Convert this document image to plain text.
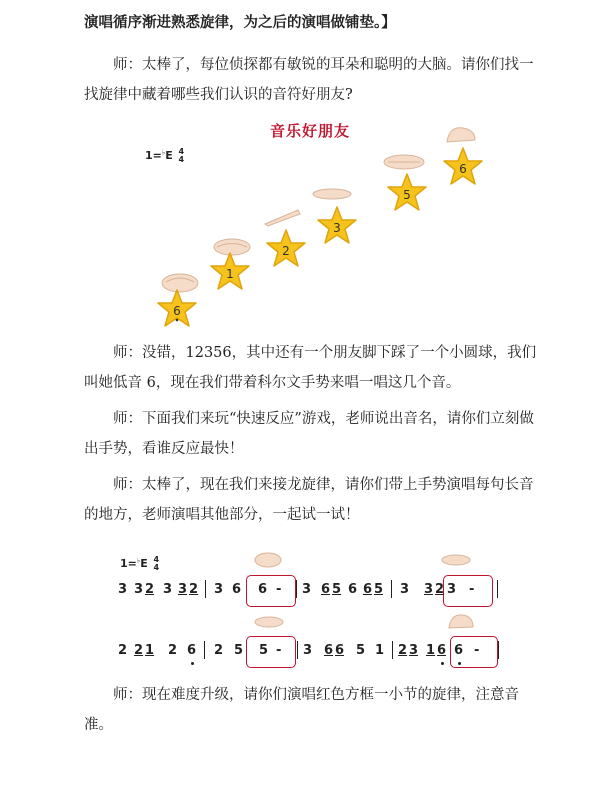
演唱循序渐进熟悉旋律，为之后的演唱做铺垫。】
师：太棒了，每位侦探都有敏锐的耳朵和聪明的大脑。请你们找一找旋律中藏着哪些我们认识的音符好朋友?
音乐好朋友
1=♭E 4
4
6
1
2
3
5
6
师：没错，12356，其中还有一个朋友脚下踩了一个小圆球，我们叫她低音 6，现在我们带着科尔文手势来唱一唱这几个音。
师：下面我们来玩“快速反应”游戏，老师说出音名，请你们立刻做出手势，看谁反应最快！
师：太棒了，现在我们来接龙旋律，请你们带上手势演唱每句长音的地方，老师演唱其他部分，一起试一试！
1=♭E 4
4
3 3 2 3 3 2 3 6 6 - 3 6 5 6 6 5 3 3 2 3 -
2 2 1 2 6 2 5 5 - 3 6 6 5 1 2 3 1 6 6 -
师：现在难度升级，请你们演唱红色方框一小节的旋律，注意音准。
